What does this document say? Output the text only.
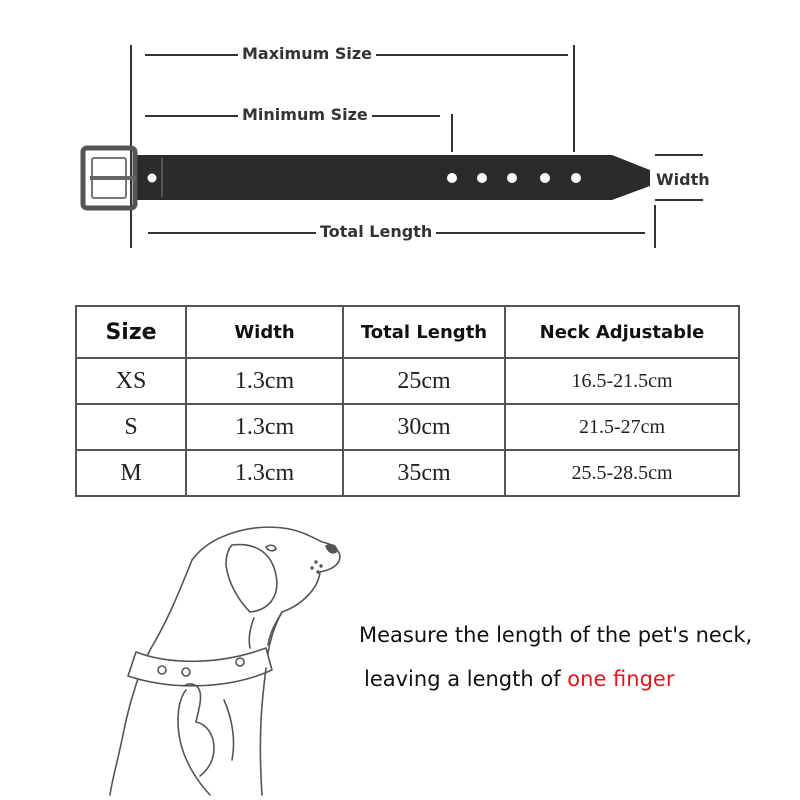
Maximum Size
Minimum Size
Width
Total Length
Size	Width	Total Length	Neck Adjustable
XS	1.3cm	25cm	16.5-21.5cm
S	1.3cm	30cm	21.5-27cm
M	1.3cm	35cm	25.5-28.5cm
Measure the length of the pet's neck,
leaving a length of one finger
